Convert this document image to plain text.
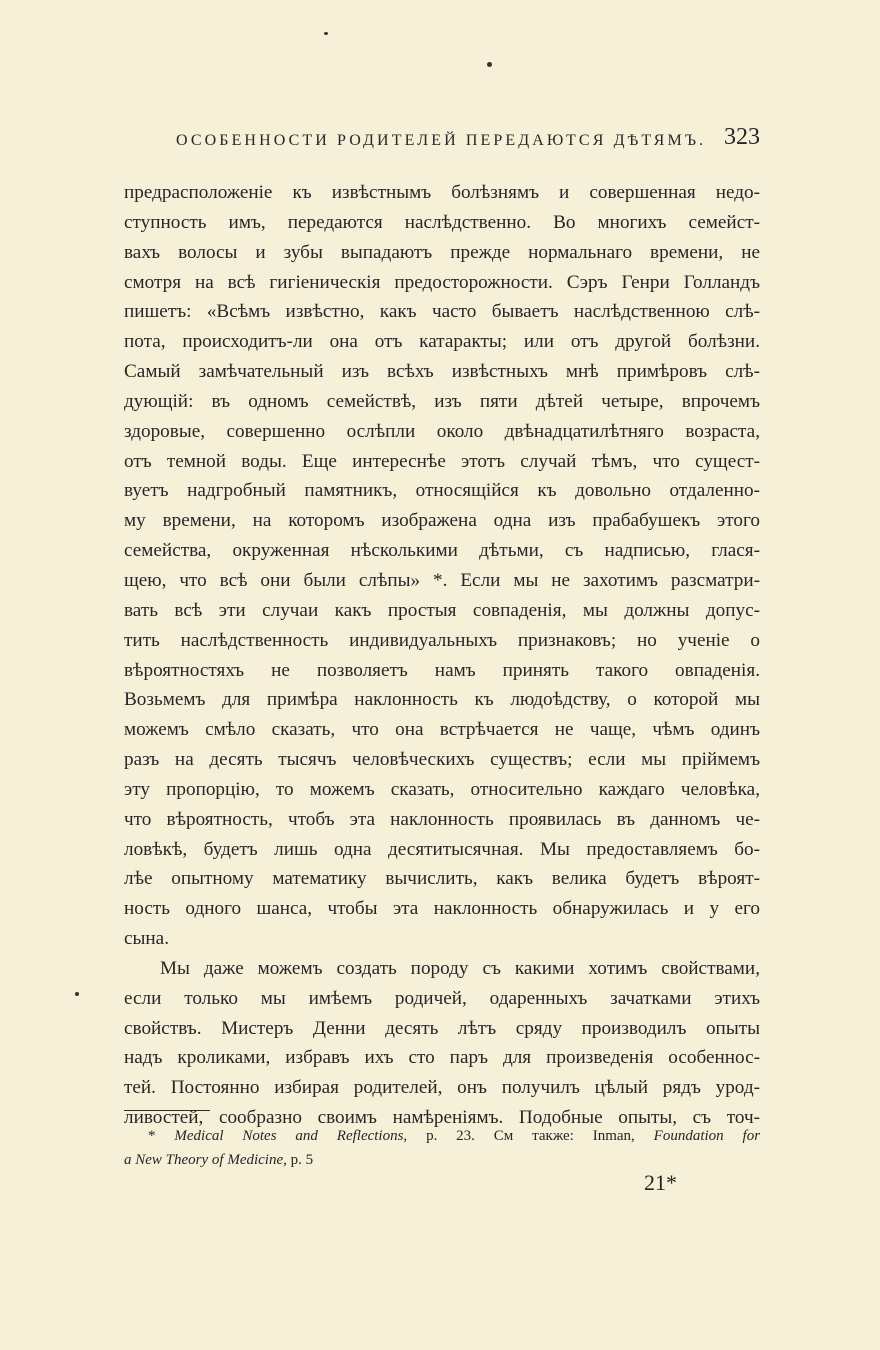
ОСОБЕННОСТИ РОДИТЕЛЕЙ ПЕРЕДАЮТСЯ ДѢТЯМЪ. 323
предрасположеніе къ извѣстнымъ болѣзнямъ и совершенная недо-
ступность имъ, передаются наслѣдственно. Во многихъ семейст-
вахъ волосы и зубы выпадаютъ прежде нормальнаго времени, не
смотря на всѣ гигіеническія предосторожности. Сэръ Генри Голландъ
пишетъ: «Всѣмъ извѣстно, какъ часто бываетъ наслѣдственною слѣ-
пота, происходитъ-ли она отъ катаракты; или отъ другой болѣзни.
Самый замѣчательный изъ всѣхъ извѣстныхъ мнѣ примѣровъ слѣ-
дующій: въ одномъ семействѣ, изъ пяти дѣтей четыре, впрочемъ
здоровые, совершенно ослѣпли около двѣнадцатилѣтняго возраста,
отъ темной воды. Еще интереснѣе этотъ случай тѣмъ, что сущест-
вуетъ надгробный памятникъ, относящійся къ довольно отдаленно-
му времени, на которомъ изображена одна изъ прабабушекъ этого
семейства, окруженная нѣсколькими дѣтьми, съ надписью, глася-
щею, что всѣ они были слѣпы» *. Если мы не захотимъ разсматри-
вать всѣ эти случаи какъ простыя совпаденія, мы должны допус-
тить наслѣдственность индивидуальныхъ признаковъ; но ученіе о
вѣроятностяхъ не позволяетъ намъ принять такого овпаденія.
Возьмемъ для примѣра наклонность къ людоѣдству, о которой мы
можемъ смѣло сказать, что она встрѣчается не чаще, чѣмъ одинъ
разъ на десять тысячъ человѣческихъ существъ; если мы пріймемъ
эту пропорцію, то можемъ сказать, относительно каждаго человѣка,
что вѣроятность, чтобъ эта наклонность проявилась въ данномъ че-
ловѣкѣ, будетъ лишь одна десятитысячная. Мы предоставляемъ бо-
лѣе опытному математику вычислить, какъ велика будетъ вѣроят-
ность одного шанса, чтобы эта наклонность обнаружилась и у его
сына.
Мы даже можемъ создать породу съ какими хотимъ свойствами,
если только мы имѣемъ родичей, одаренныхъ зачатками этихъ
свойствъ. Мистеръ Денни десять лѣтъ сряду производилъ опыты
надъ кроликами, избравъ ихъ сто паръ для произведенія особеннос-
тей. Постоянно избирая родителей, онъ получилъ цѣлый рядъ урод-
ливостей, сообразно своимъ намѣреніямъ. Подобные опыты, съ точ-
* Medical Notes and Reflections, p. 23. См также: Inman, Foundation for
a New Theory of Medicine, p. 5
21*
